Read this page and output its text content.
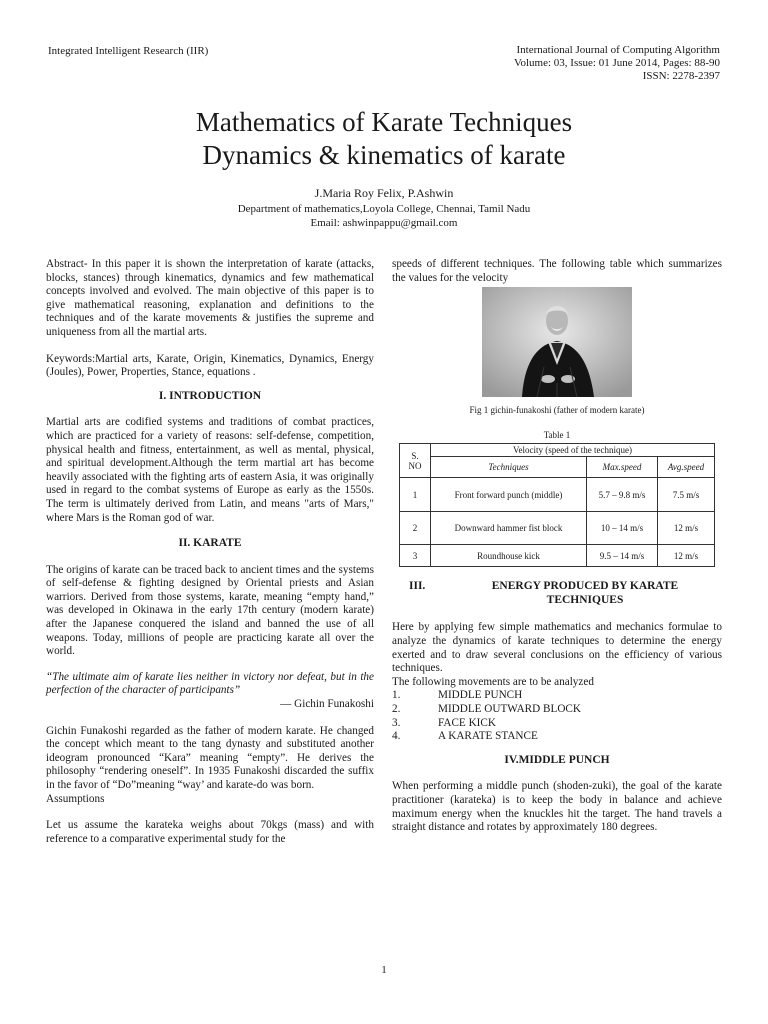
Integrated Intelligent Research (IIR)	International Journal of Computing Algorithm
Volume: 03, Issue: 01 June 2014, Pages: 88-90
ISSN: 2278-2397
Mathematics of Karate Techniques
Dynamics & kinematics of karate
J.Maria Roy Felix, P.Ashwin
Department of mathematics,Loyola College, Chennai, Tamil Nadu
Email: ashwinpappu@gmail.com

Abstract- In this paper it is shown the interpretation of karate (attacks, blocks, stances) through kinematics, dynamics and few mathematical concepts involved and evolved. The main objective of this paper is to give mathematical reasoning, explanation and definitions to the techniques and of the karate movements & justifies the supreme and uniqueness from all the martial arts.

Keywords:Martial arts, Karate, Origin, Kinematics, Dynamics, Energy (Joules), Power, Properties, Stance, equations .

I. INTRODUCTION

Martial arts are codified systems and traditions of combat practices, which are practiced for a variety of reasons: self-defense, competition, physical health and fitness, entertainment, as well as mental, physical, and spiritual development.Although the term martial art has become heavily associated with the fighting arts of eastern Asia, it was originally used in regard to the combat systems of Europe as early as the 1550s. The term is ultimately derived from Latin, and means "arts of Mars," where Mars is the Roman god of war.

II. KARATE

The origins of karate can be traced back to ancient times and the systems of self-defense & fighting designed by Oriental priests and Asian warriors. Derived from those systems, karate, meaning “empty hand,” was developed in Okinawa in the early 17th century (modern karate) after the Japanese conquered the island and banned the use of all weapons. Today, millions of people are practicing karate all over the world.

“The ultimate aim of karate lies neither in victory nor defeat, but in the perfection of the character of participants”

— Gichin Funakoshi

Gichin Funakoshi regarded as the father of modern karate. He changed the concept which meant to the tang dynasty and substituted another ideogram pronounced “Kara” meaning “empty”. He derives the philosophy “rendering oneself”. In 1935 Funakoshi discarded the suffix in the favor of “Do”meaning “way’ and karate-do was born.

Assumptions

Let us assume the karateka weighs about 70kgs (mass) and with reference to a comparative experimental study for the

speeds of different techniques. The following table which summarizes the values for the velocity

Fig 1 gichin-funakoshi (father of modern karate)
Table 1
S.
NO	Velocity (speed of the technique)		
	Techniques	Max.speed	Avg.speed
1	Front forward punch (middle)	5.7 – 9.8 m/s	7.5 m/s
2	Downward hammer fist block	10 – 14 m/s	12 m/s
3	Roundhouse kick	9.5 – 14 m/s	12 m/s
III.	ENERGY PRODUCED BY KARATE TECHNIQUES

Here by applying few simple mathematics and mechanics formulae to analyze the dynamics of karate techniques to determine the energy exerted and to draw several conclusions on the efficiency of various techniques.

The following movements are to be analyzed
1.	MIDDLE PUNCH
2.	MIDDLE OUTWARD BLOCK
3.	FACE KICK
4.	A KARATE STANCE
IV.MIDDLE PUNCH

When performing a middle punch (shoden-zuki), the goal of the karate practitioner (karateka) is to keep the body in balance and achieve maximum energy when the knuckles hit the target. The hand travels a straight distance and rotates by approximately 180 degrees.

1
